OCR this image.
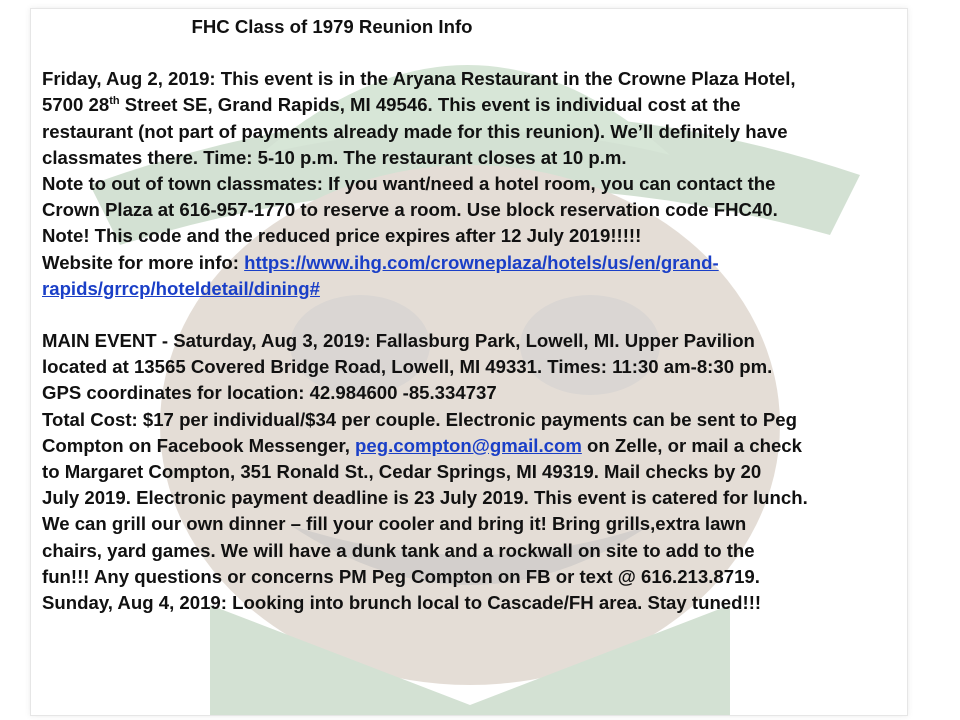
FHC Class of 1979 Reunion Info
Friday, Aug 2, 2019: This event is in the Aryana Restaurant in the Crowne Plaza Hotel,
5700 28th Street SE, Grand Rapids, MI 49546. This event is individual cost at the
restaurant (not part of payments already made for this reunion). We’ll definitely have
classmates there. Time: 5-10 p.m. The restaurant closes at 10 p.m.
Note to out of town classmates: If you want/need a hotel room, you can contact the
Crown Plaza at 616-957-1770 to reserve a room. Use block reservation code FHC40.
Note! This code and the reduced price expires after 12 July 2019!!!!!
Website for more info: https://www.ihg.com/crowneplaza/hotels/us/en/grand-
rapids/grrcp/hoteldetail/dining#
MAIN EVENT - Saturday, Aug 3, 2019: Fallasburg Park, Lowell, MI. Upper Pavilion
located at 13565 Covered Bridge Road, Lowell, MI 49331. Times: 11:30 am-8:30 pm.
GPS coordinates for location: 42.984600 -85.334737
Total Cost: $17 per individual/$34 per couple. Electronic payments can be sent to Peg
Compton on Facebook Messenger, peg.compton@gmail.com on Zelle, or mail a check
to Margaret Compton, 351 Ronald St., Cedar Springs, MI 49319. Mail checks by 20
July 2019. Electronic payment deadline is 23 July 2019. This event is catered for lunch.
We can grill our own dinner – fill your cooler and bring it! Bring grills,extra lawn
chairs, yard games. We will have a dunk tank and a rockwall on site to add to the
fun!!! Any questions or concerns PM Peg Compton on FB or text @ 616.213.8719.
Sunday, Aug 4, 2019: Looking into brunch local to Cascade/FH area. Stay tuned!!!
